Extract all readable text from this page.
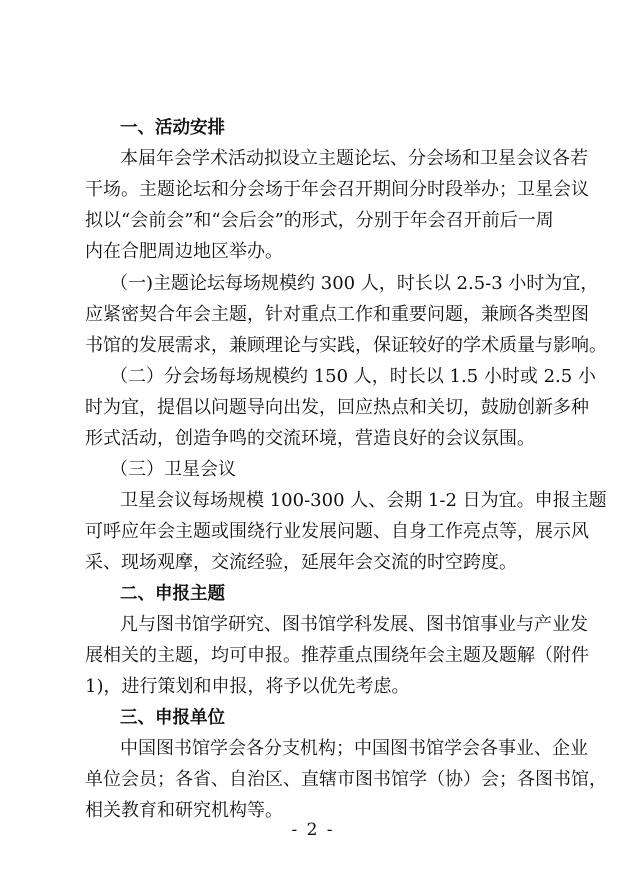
一、活动安排
本届年会学术活动拟设立主题论坛、分会场和卫星会议各若
干场。主题论坛和分会场于年会召开期间分时段举办；卫星会议
拟以“会前会”和“会后会”的形式，分别于年会召开前后一周
内在合肥周边地区举办。
（一)主题论坛每场规模约 300 人，时长以 2.5-3 小时为宜，
应紧密契合年会主题，针对重点工作和重要问题，兼顾各类型图
书馆的发展需求，兼顾理论与实践，保证较好的学术质量与影响。
（二）分会场每场规模约 150 人，时长以 1.5 小时或 2.5 小
时为宜，提倡以问题导向出发，回应热点和关切，鼓励创新多种
形式活动，创造争鸣的交流环境，营造良好的会议氛围。
（三）卫星会议
卫星会议每场规模 100-300 人、会期 1-2 日为宜。申报主题
可呼应年会主题或围绕行业发展问题、自身工作亮点等，展示风
采、现场观摩，交流经验，延展年会交流的时空跨度。
二、申报主题
凡与图书馆学研究、图书馆学科发展、图书馆事业与产业发
展相关的主题，均可申报。推荐重点围绕年会主题及题解（附件
1)，进行策划和申报，将予以优先考虑。
三、申报单位
中国图书馆学会各分支机构；中国图书馆学会各事业、企业
单位会员；各省、自治区、直辖市图书馆学（协）会；各图书馆，
相关教育和研究机构等。
- 2 -
